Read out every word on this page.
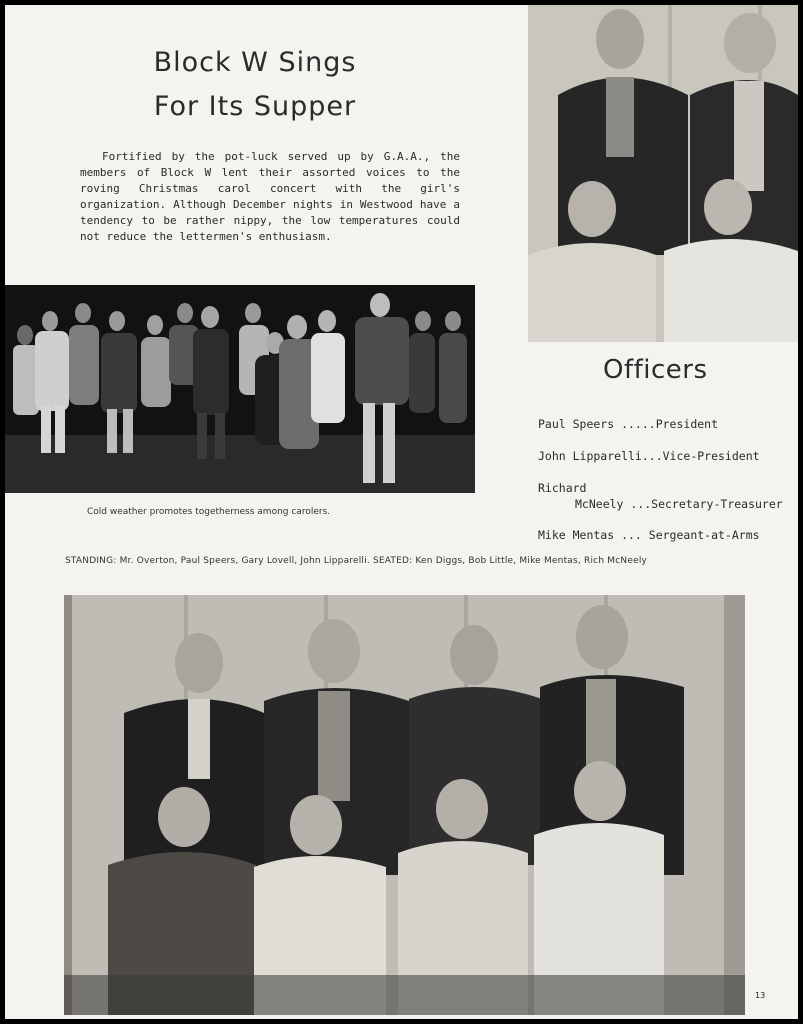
Block W Sings
For Its Supper

Fortified by the pot-luck served up by G.A.A., the members of Block W lent their assorted voices to the roving Christmas carol concert with the girl's organization. Although December nights in Westwood have a tendency to be rather nippy, the low temperatures could not reduce the lettermen's enthusiasm.

Cold weather promotes togetherness among carolers.
Officers
Paul Speers .....President
John Lipparelli...Vice-President
Richard
McNeely ...Secretary-Treasurer
Mike Mentas ... Sergeant-at-Arms
STANDING: Mr. Overton, Paul Speers, Gary Lovell, John Lipparelli. SEATED: Ken Diggs, Bob Little, Mike Mentas, Rich McNeely
13
